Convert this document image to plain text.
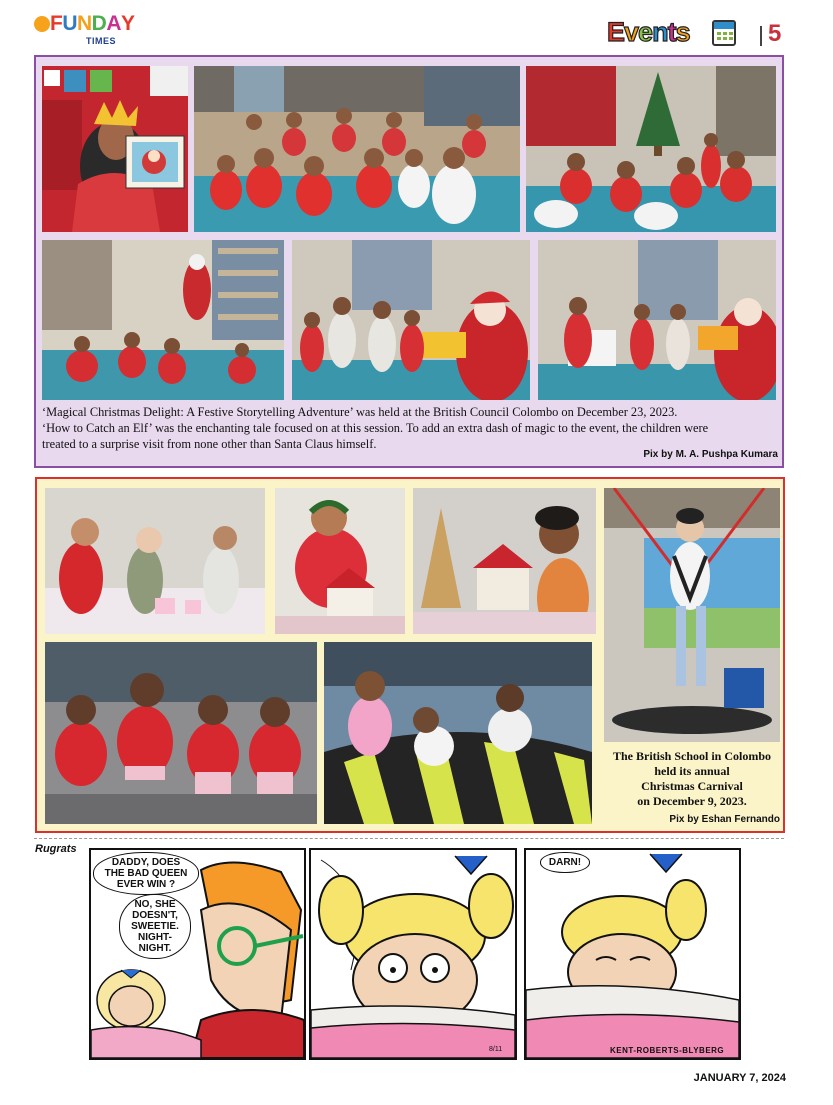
FUNDAY
TIMES	Events	5
‘Magical Christmas Delight: A Festive Storytelling Adventure’ was held at the British Council Colombo on December 23, 2023.
‘How to Catch an Elf’ was the enchanting tale focused on at this session. To add an extra dash of magic to the event, the children were
treated to a surprise visit from none other than Santa Claus himself.
Pix by M. A. Pushpa Kumara
The British School in Colombo
held its annual
Christmas Carnival
on December 9, 2023.
Pix by Eshan Fernando
Rugrats
DADDY, DOES
THE BAD QUEEN
EVER WIN ?
NO, SHE
DOESN'T,
SWEETIE.
NIGHT-
NIGHT.
8/11
DARN!
KENT-ROBERTS-BLYBERG
JANUARY 7, 2024
